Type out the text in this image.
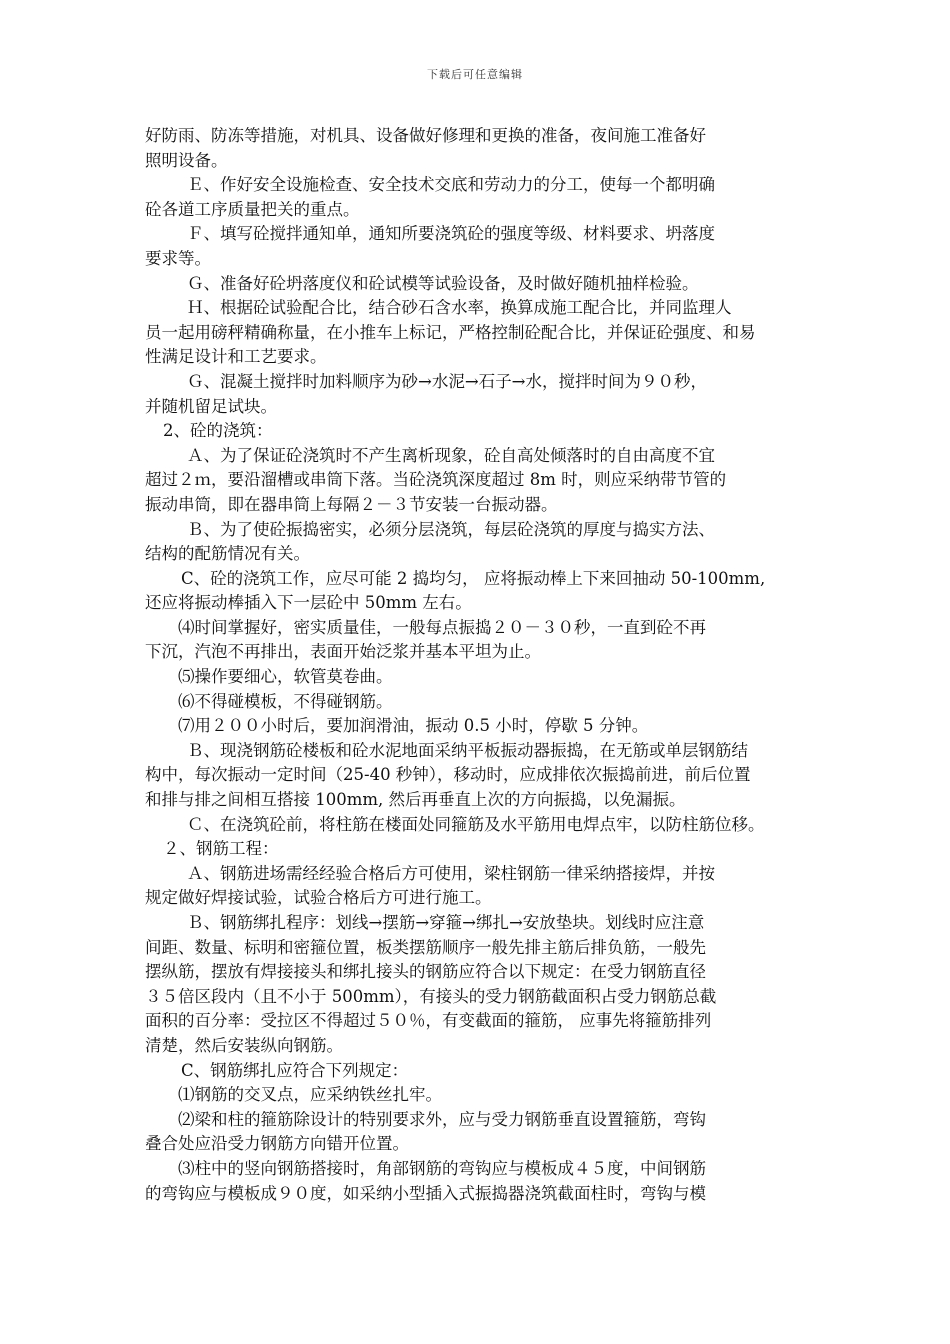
下载后可任意编辑
好防雨、防冻等措施，对机具、设备做好修理和更换的准备，夜间施工准备好
照明设备。
Ｅ、作好安全设施检查、安全技术交底和劳动力的分工，使每一个都明确
砼各道工序质量把关的重点。
Ｆ、填写砼搅拌通知单，通知所要浇筑砼的强度等级、材料要求、坍落度
要求等。
Ｇ、准备好砼坍落度仪和砼试模等试验设备，及时做好随机抽样检验。
Ｈ、根据砼试验配合比，结合砂石含水率，换算成施工配合比，并同监理人
员一起用磅秤精确称量，在小推车上标记，严格控制砼配合比，并保证砼强度、和易
性满足设计和工艺要求。
Ｇ、混凝土搅拌时加料顺序为砂→水泥→石子→水，搅拌时间为９０秒，
并随机留足试块。
2、砼的浇筑：
Ａ、为了保证砼浇筑时不产生离析现象，砼自高处倾落时的自由高度不宜
超过２ｍ，要沿溜槽或串筒下落。当砼浇筑深度超过 8m 时，则应采纳带节管的
振动串筒，即在器串筒上每隔２－３节安装一台振动器。
Ｂ、为了使砼振捣密实，必须分层浇筑，每层砼浇筑的厚度与捣实方法、
结构的配筋情况有关。
C、砼的浇筑工作，应尽可能 2 捣均匀， 应将振动棒上下来回抽动 50-100mm,
还应将振动棒插入下一层砼中 50mm 左右。
⑷时间掌握好，密实质量佳，一般每点振捣２０－３０秒，一直到砼不再
下沉，汽泡不再排出，表面开始泛浆并基本平坦为止。
⑸操作要细心，软管莫卷曲。
⑹不得碰模板，不得碰钢筋。
⑺用２００小时后，要加润滑油，振动 0.5 小时，停歇 5 分钟。
Ｂ、现浇钢筋砼楼板和砼水泥地面采纳平板振动器振捣，在无筋或单层钢筋结
构中，每次振动一定时间（25-40 秒钟），移动时，应成排依次振捣前进，前后位置
和排与排之间相互搭接 100mm, 然后再垂直上次的方向振捣，以免漏振。
Ｃ、在浇筑砼前，将柱筋在楼面处同箍筋及水平筋用电焊点牢，以防柱筋位移。
２、钢筋工程：
Ａ、钢筋进场需经经验合格后方可使用，梁柱钢筋一律采纳搭接焊，并按
规定做好焊接试验，试验合格后方可进行施工。
Ｂ、钢筋绑扎程序：划线→摆筋→穿箍→绑扎→安放垫块。划线时应注意
间距、数量、标明和密箍位置，板类摆筋顺序一般先排主筋后排负筋，一般先
摆纵筋，摆放有焊接接头和绑扎接头的钢筋应符合以下规定：在受力钢筋直径
３５倍区段内（且不小于 500mm），有接头的受力钢筋截面积占受力钢筋总截
面积的百分率：受拉区不得超过５０％，有变截面的箍筋， 应事先将箍筋排列
清楚，然后安装纵向钢筋。
C、钢筋绑扎应符合下列规定：
⑴钢筋的交叉点，应采纳铁丝扎牢。
⑵梁和柱的箍筋除设计的特别要求外，应与受力钢筋垂直设置箍筋，弯钩
叠合处应沿受力钢筋方向错开位置。
⑶柱中的竖向钢筋搭接时，角部钢筋的弯钩应与模板成４５度，中间钢筋
的弯钩应与模板成９０度，如采纳小型插入式振捣器浇筑截面柱时，弯钩与模
